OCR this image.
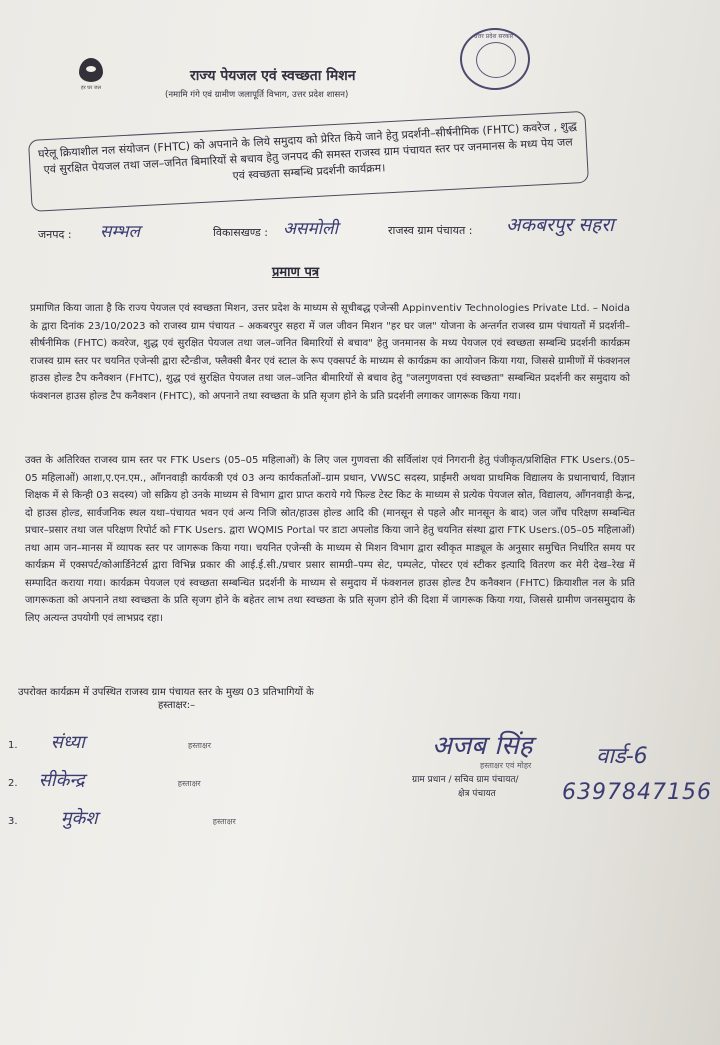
हर घर जल
राज्य पेयजल एवं स्वच्छता मिशन
(नमामि गंगे एवं ग्रामीण जलापूर्ति विभाग, उत्तर प्रदेश शासन)
उत्तर प्रदेश सरकार
घरेलू क्रियाशील नल संयोजन (FHTC) को अपनाने के लिये समुदाय को प्रेरित किये जाने हेतु प्रदर्शनी–सीर्षनीमिक (FHTC) कवरेज , शुद्ध एवं सुरक्षित पेयजल तथा जल–जनित बिमारियों से बचाव हेतु जनपद की समस्त राजस्व ग्राम पंचायत स्तर पर जनमानस के मध्य पेय जल एवं स्वच्छता सम्बन्धि प्रदर्शनी कार्यक्रम।
जनपद : सम्भल	विकासखण्ड : असमोली	राजस्व ग्राम पंचायत : अकबरपुर सहरा
प्रमाण पत्र
प्रमाणित किया जाता है कि राज्य पेयजल एवं स्वच्छता मिशन, उत्तर प्रदेश के माध्यम से सूचीबद्ध एजेन्सी Appinventiv Technologies Private Ltd. – Noida के द्वारा दिनांक 23/10/2023 को राजस्व ग्राम पंचायत – अकबरपुर सहरा में जल जीवन मिशन "हर घर जल" योजना के अन्तर्गत राजस्व ग्राम पंचायतों में प्रदर्शनी–सीर्षनीमिक (FHTC) कवरेज, शुद्ध एवं सुरक्षित पेयजल तथा जल–जनित बिमारियों से बचाव" हेतु जनमानस के मध्य पेयजल एवं स्वच्छता सम्बन्धि प्रदर्शनी कार्यक्रम राजस्व ग्राम स्तर पर चयनित एजेन्सी द्वारा स्टैन्डीज, फ्लैक्सी बैनर एवं स्टाल के रूप एक्सपर्ट के माध्यम से कार्यक्रम का आयोजन किया गया, जिससे ग्रामीणों में फंक्शनल हाउस होल्ड टैप कनैक्शन (FHTC), शुद्ध एवं सुरक्षित पेयजल तथा जल–जनित बीमारियों से बचाव हेतु "जलगुणवत्ता एवं स्वच्छता" सम्बन्धित प्रदर्शनी कर समुदाय को फंक्शनल हाउस होल्ड टैप कनैक्शन (FHTC), को अपनाने तथा स्वच्छता के प्रति सृजग होने के प्रति प्रदर्शनी लगाकर जागरूक किया गया।
उक्त के अतिरिक्त राजस्व ग्राम स्तर पर FTK Users (05–05 महिलाओं) के लिए जल गुणवत्ता की सर्विलांश एवं निगरानी हेतु पंजीकृत/प्रशिक्षित FTK Users.(05–05 महिलाओं) आशा,ए.एन.एम., आँगनवाड़ी कार्यकत्री एवं 03 अन्य कार्यकर्ताओं–ग्राम प्रधान, VWSC सदस्य, प्राईमरी अथवा प्राथमिक विद्यालय के प्रधानाचार्य, विज्ञान शिक्षक में से किन्ही 03 सदस्य) जो सक्रिय हो उनके माध्यम से विभाग द्वारा प्राप्त कराये गये फिल्ड टेस्ट किट के माध्यम से प्रत्येक पेयजल स्रोत, विद्यालय, आँगनवाड़ी केन्द्र, दो हाउस होल्ड, सार्वजनिक स्थल यथा–पंचायत भवन एवं अन्य निजि स्रोत/हाउस होल्ड आदि की (मानसून से पहले और मानसून के बाद) जल जाँच परिक्षण सम्बन्धित प्रचार–प्रसार तथा जल परिक्षण रिपोर्ट को FTK Users. द्वारा WQMIS Portal पर डाटा अपलोड किया जाने हेतु चयनित संस्था द्वारा FTK Users.(05–05 महिलाओं) तथा आम जन–मानस में व्यापक स्तर पर जागरूक किया गया। चयनित एजेन्सी के माध्यम से मिशन विभाग द्वारा स्वीकृत माड्यूल के अनुसार समुचित निर्धारित समय पर कार्यक्रम में एक्सपर्ट/कोआर्डिनेटर्स द्वारा विभिन्न प्रकार की आई.ई.सी./प्रचार प्रसार सामग्री–पम्प सेट, पम्पलेट, पोस्टर एवं स्टीकर इत्यादि वितरण कर मेरी देख–रेख में सम्पादित कराया गया। कार्यक्रम पेयजल एवं स्वच्छता सम्बन्धित प्रदर्शनी के माध्यम से समुदाय में फंक्शनल हाउस होल्ड टैप कनैक्शन (FHTC) क्रियाशील नल के प्रति जागरूकता को अपनाने तथा स्वच्छता के प्रति सृजग होने के बहेतर लाभ तथा स्वच्छता के प्रति सृजग होने की दिशा में जागरूक किया गया, जिससे ग्रामीण जनसमुदाय के लिए अत्यन्त उपयोगी एवं लाभप्रद रहा।
उपरोक्त कार्यक्रम में उपस्थित राजस्व ग्राम पंचायत स्तर के मुख्य 03 प्रतिभागियों के
हस्ताक्षर:–
1. संध्या	हस्ताक्षर
2. सीकेन्द्र	हस्ताक्षर
3. मुकेश	हस्ताक्षर
अजब सिंह	वार्ड-6
हस्ताक्षर एवं मोहर
ग्राम प्रधान / सचिव ग्राम पंचायत/
क्षेत्र पंचायत	6397847156
